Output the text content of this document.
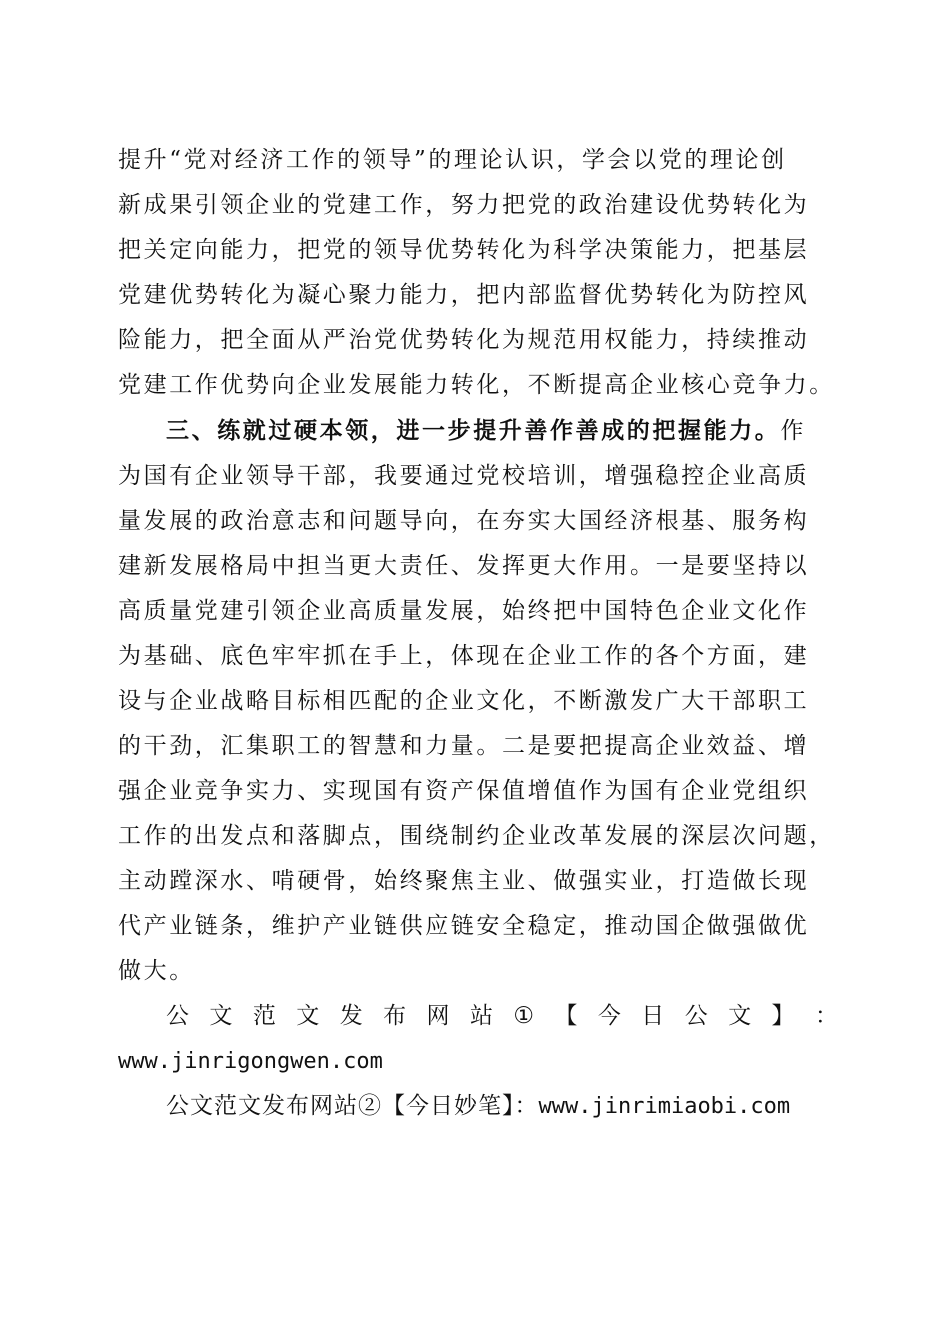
提升“党对经济工作的领导”的理论认识，学会以党的理论创

新成果引领企业的党建工作，努力把党的政治建设优势转化为

把关定向能力，把党的领导优势转化为科学决策能力，把基层

党建优势转化为凝心聚力能力，把内部监督优势转化为防控风

险能力，把全面从严治党优势转化为规范用权能力，持续推动

党建工作优势向企业发展能力转化，不断提高企业核心竞争力。

三、练就过硬本领，进一步提升善作善成的把握能力。作

为国有企业领导干部，我要通过党校培训，增强稳控企业高质

量发展的政治意志和问题导向，在夯实大国经济根基、服务构

建新发展格局中担当更大责任、发挥更大作用。一是要坚持以

高质量党建引领企业高质量发展，始终把中国特色企业文化作

为基础、底色牢牢抓在手上，体现在企业工作的各个方面，建

设与企业战略目标相匹配的企业文化，不断激发广大干部职工

的干劲，汇集职工的智慧和力量。二是要把提高企业效益、增

强企业竞争实力、实现国有资产保值增值作为国有企业党组织

工作的出发点和落脚点，围绕制约企业改革发展的深层次问题，

主动蹚深水、啃硬骨，始终聚焦主业、做强实业，打造做长现

代产业链条，维护产业链供应链安全稳定，推动国企做强做优

做大。

公 文 范 文 发 布 网 站 ① 【 今 日 公 文 】 ：

www.jinrigongwen.com

公文范文发布网站②【今日妙笔】：www.jinrimiaobi.com
